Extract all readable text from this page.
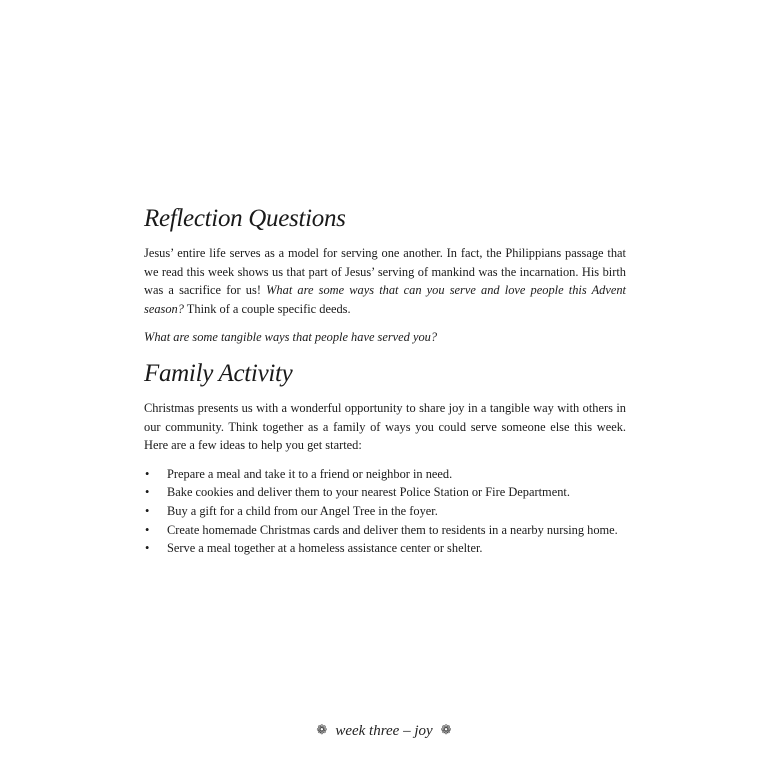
Reflection Questions

Jesus’ entire life serves as a model for serving one another. In fact, the Philippians passage that we read this week shows us that part of Jesus’ serving of mankind was the incarnation. His birth was a sacrifice for us! What are some ways that can you serve and love people this Advent season? Think of a couple specific deeds.

What are some tangible ways that people have served you?

Family Activity

Christmas presents us with a wonderful opportunity to share joy in a tangible way with others in our community. Think together as a family of ways you could serve someone else this week. Here are a few ideas to help you get started:

• Prepare a meal and take it to a friend or neighbor in need.
• Bake cookies and deliver them to your nearest Police Station or Fire Department.
• Buy a gift for a child from our Angel Tree in the foyer.
• Create homemade Christmas cards and deliver them to residents in a nearby nursing home.
• Serve a meal together at a homeless assistance center or shelter.
❁ week three – joy ❁
